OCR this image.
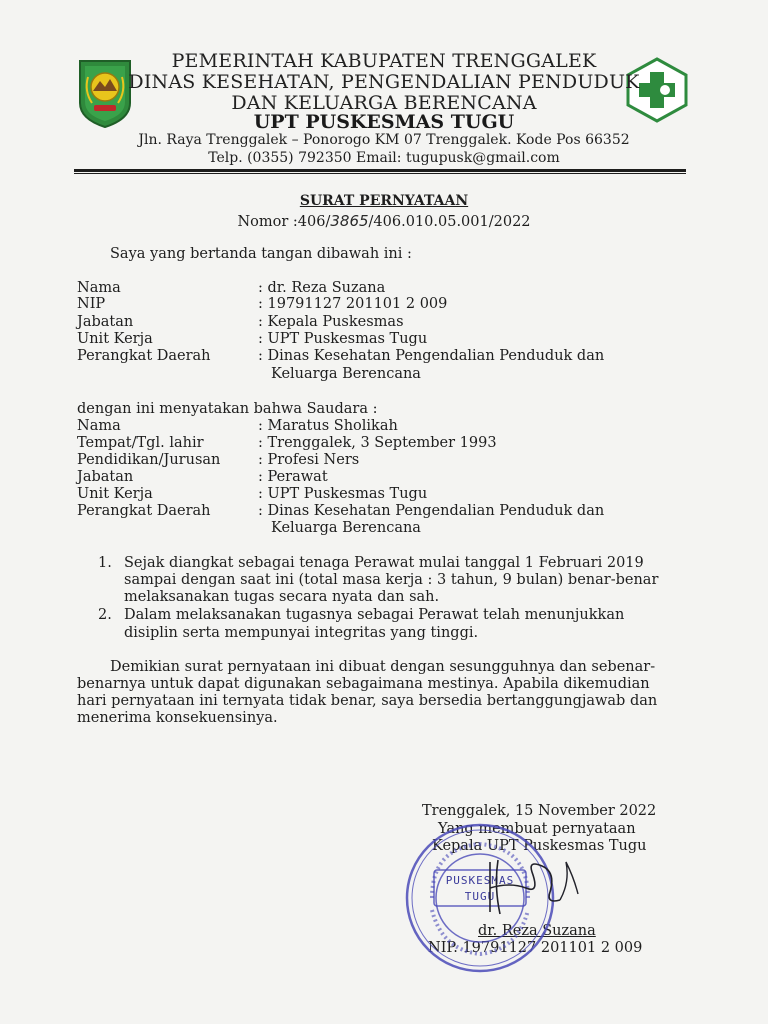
PEMERINTAH KABUPATEN TRENGGALEK
DINAS KESEHATAN, PENGENDALIAN PENDUDUK
DAN KELUARGA BERENCANA
UPT PUSKESMAS TUGU
Jln. Raya Trenggalek – Ponorogo KM 07 Trenggalek. Kode Pos 66352
Telp. (0355) 792350 Email: tugupusk@gmail.com
SURAT PERNYATAAN
Nomor :406/3865/406.010.05.001/2022
Saya yang bertanda tangan dibawah ini :
Nama	: dr. Reza Suzana
NIP	: 19791127 201101 2 009
Jabatan	: Kepala Puskesmas
Unit Kerja	: UPT Puskesmas Tugu
Perangkat Daerah	: Dinas Kesehatan Pengendalian Penduduk dan
Keluarga Berencana
dengan ini menyatakan bahwa Saudara :
Nama	: Maratus Sholikah
Tempat/Tgl. lahir	: Trenggalek, 3 September 1993
Pendidikan/Jurusan	: Profesi Ners
Jabatan	: Perawat
Unit Kerja	: UPT Puskesmas Tugu
Perangkat Daerah	: Dinas Kesehatan Pengendalian Penduduk dan
Keluarga Berencana
1. Sejak diangkat sebagai tenaga Perawat mulai tanggal 1 Februari 2019
sampai dengan saat ini (total masa kerja : 3 tahun, 9 bulan) benar-benar
melaksanakan tugas secara nyata dan sah.
2. Dalam melaksanakan tugasnya sebagai Perawat telah menunjukkan
disiplin serta mempunyai integritas yang tinggi.
Demikian surat pernyataan ini dibuat dengan sesungguhnya dan sebenar-
benarnya untuk dapat digunakan sebagaimana mestinya. Apabila dikemudian
hari pernyataan ini ternyata tidak benar, saya bersedia bertanggungjawab dan
menerima konsekuensinya.
Trenggalek, 15 November 2022
Yang membuat pernyataan
Kepala UPT Puskesmas Tugu
dr. Reza Suzana
NIP. 19791127 201101 2 009
PUSKESMAS
TUGU
